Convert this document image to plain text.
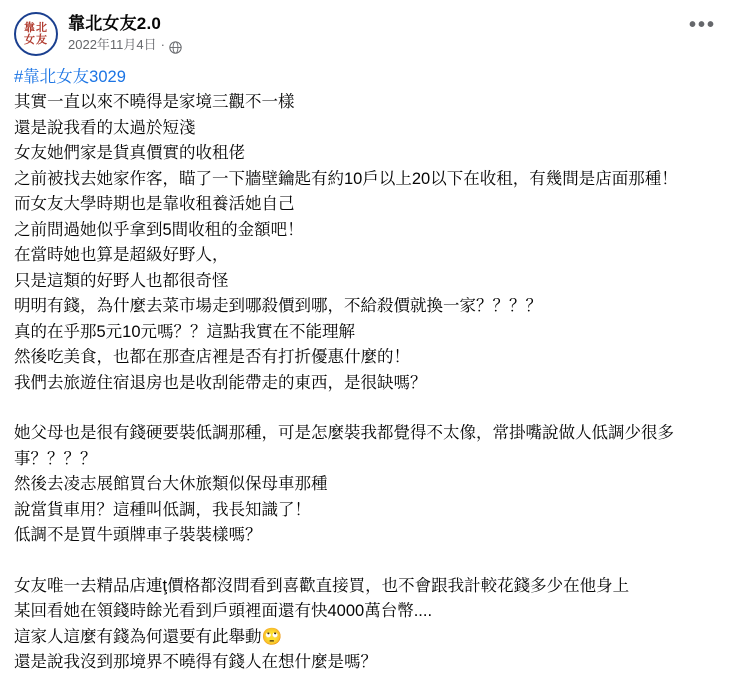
靠北
女友
靠北女友2.0
2022年11月4日 ·
•••
#靠北女友3029

其實一直以來不曉得是家境三觀不一樣

還是說我看的太過於短淺

女友她們家是貨真價實的收租佬

之前被找去她家作客，瞄了一下牆壁鑰匙有約10戶以上20以下在收租，有幾間是店面那種！

而女友大學時期也是靠收租養活她自己

之前問過她似乎拿到5間收租的金額吧！

在當時她也算是超級好野人，

只是這類的好野人也都很奇怪

明明有錢，為什麼去菜市場走到哪殺價到哪，不給殺價就換一家？？？？

真的在乎那5元10元嗎？？這點我實在不能理解

然後吃美食，也都在那查店裡是否有打折優惠什麼的！

我們去旅遊住宿退房也是收刮能帶走的東西，是很缺嗎？

她父母也是很有錢硬要裝低調那種，可是怎麼裝我都覺得不太像，常掛嘴說做人低調少很多事？？？？

然後去凌志展館買台大休旅類似保母車那種

說當貨車用？這種叫低調，我長知識了！

低調不是買牛頭牌車子裝裝樣嗎？

女友唯一去精品店連ţ價格都沒問看到喜歡直接買，也不會跟我計較花錢多少在他身上

某回看她在領錢時餘光看到戶頭裡面還有快4000萬台幣....

這家人這麼有錢為何還要有此舉動🙄

還是說我沒到那境界不曉得有錢人在想什麼是嗎？
